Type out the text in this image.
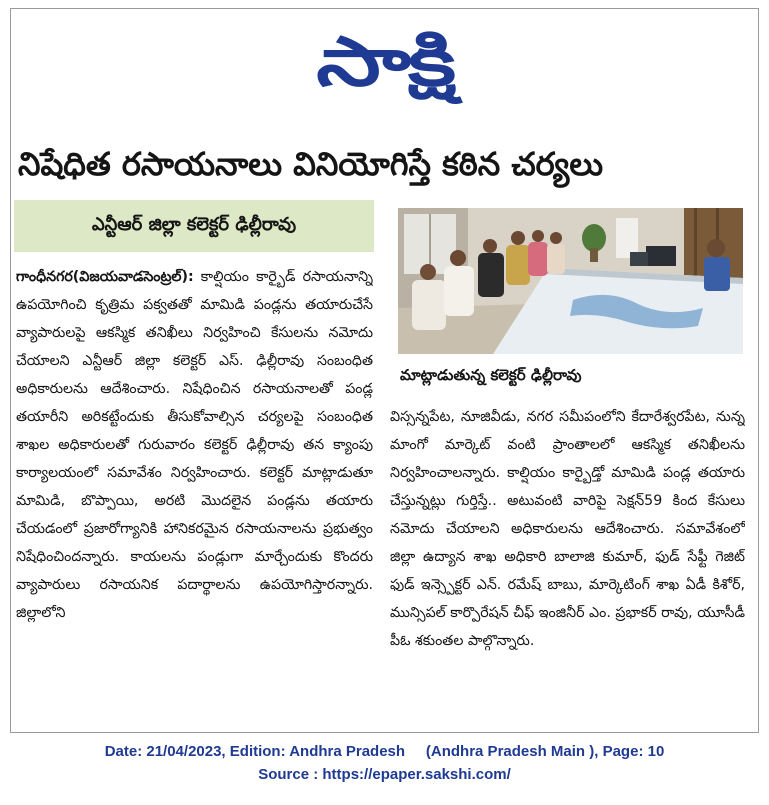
సాక్షి
నిషేధిత రసాయనాలు వినియోగిస్తే కఠిన చర్యలు
ఎన్టీఆర్ జిల్లా కలెక్టర్ ఢిల్లీరావు
గాంధీనగర(విజయవాడసెంట్రల్): కాల్షియం కార్బైడ్ రసాయనాన్ని ఉపయోగించి కృత్రిమ పక్వతతో మామిడి పండ్లను తయారుచేసే వ్యాపారులపై ఆకస్మిక తనిఖీలు నిర్వహించి కేసులను నమోదు చేయాలని ఎన్టీఆర్ జిల్లా కలెక్టర్ ఎస్. ఢిల్లీరావు సంబంధిత అధికారులను ఆదేశించారు. నిషేధించిన రసాయనాలతో పండ్ల తయారీని అరికట్టేందుకు తీసుకోవాల్సిన చర్యలపై సంబంధిత శాఖల అధికారులతో గురువారం కలెక్టర్ ఢిల్లీరావు తన క్యాంపు కార్యాలయంలో సమావేశం నిర్వహించారు. కలెక్టర్ మాట్లాడుతూ మామిడి, బొప్పాయి, అరటి మొదలైన పండ్లను తయారు చేయడంలో ప్రజారోగ్యానికి హానికరమైన రసాయనాలను ప్రభుత్వం నిషేధించిందన్నారు. కాయలను పండ్లుగా మార్చేందుకు కొందరు వ్యాపారులు రసాయనిక పదార్థాలను ఉపయోగిస్తారన్నారు. జిల్లాలోని
మాట్లాడుతున్న కలెక్టర్ ఢిల్లీరావు
విస్సన్నపేట, నూజివీడు, నగర సమీపంలోని కేదారేశ్వరపేట, నున్న మాంగో మార్కెట్ వంటి ప్రాంతాలలో ఆకస్మిక తనిఖీలను నిర్వహించాలన్నారు. కాల్షియం కార్బైడ్తో మామిడి పండ్ల తయారు చేస్తున్నట్లు గుర్తిస్తే.. అటువంటి వారిపై సెక్షన్59 కింద కేసులు నమోదు చేయాలని అధికారులను ఆదేశించారు. సమావేశంలో జిల్లా ఉద్యాన శాఖ అధికారి బాలాజి కుమార్, ఫుడ్ సేఫ్టీ గెజిట్ ఫుడ్ ఇన్స్పెక్టర్ ఎన్. రమేష్ బాబు, మార్కెటింగ్ శాఖ ఏడీ కిశోర్, మున్సిపల్ కార్పొరేషన్ చీఫ్ ఇంజినీర్ ఎం. ప్రభాకర్ రావు, యూసీడీ పీఓ శకుంతల పాల్గొన్నారు.
Date: 21/04/2023, Edition: Andhra Pradesh     (Andhra Pradesh Main ), Page: 10
Source : https://epaper.sakshi.com/
